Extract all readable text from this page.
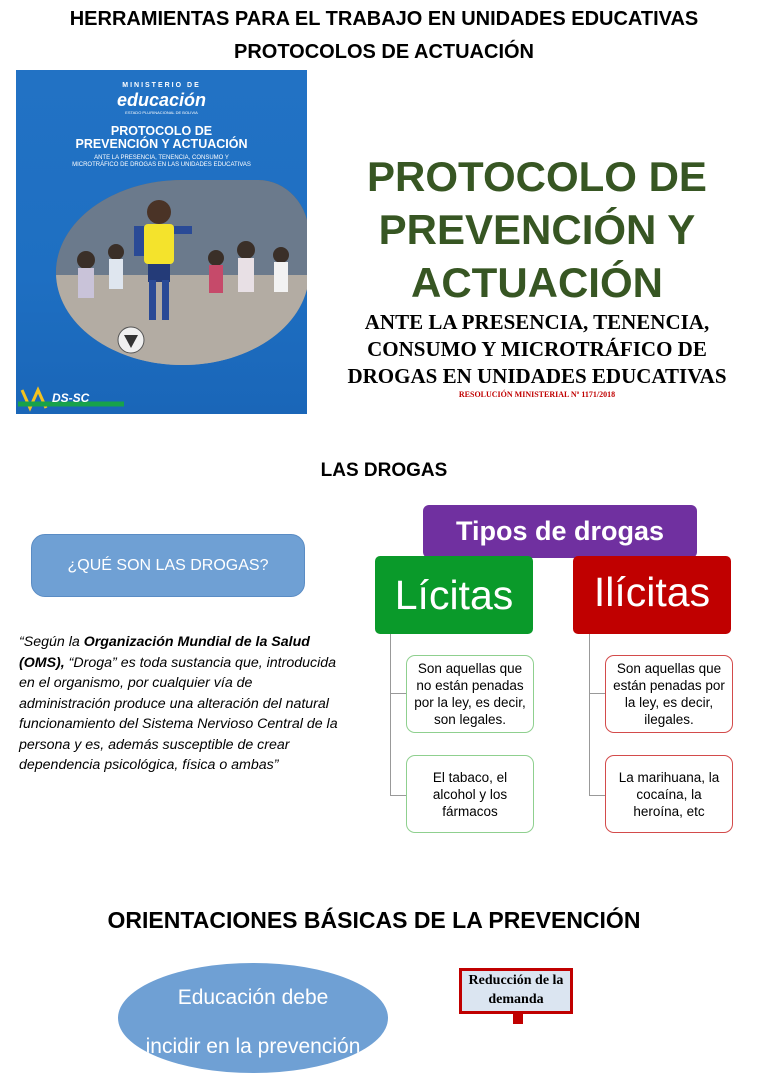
HERRAMIENTAS PARA EL TRABAJO EN UNIDADES EDUCATIVAS
PROTOCOLOS DE ACTUACIÓN
MINISTERIO DE
educación
ESTADO PLURINACIONAL DE BOLIVIA
PROTOCOLO DE
PREVENCIÓN Y ACTUACIÓN
ANTE LA PRESENCIA, TENENCIA, CONSUMO Y
MICROTRÁFICO DE DROGAS EN LAS UNIDADES EDUCATIVAS
DS-SC
PROTOCOLO DE
PREVENCIÓN Y
ACTUACIÓN
ANTE LA PRESENCIA, TENENCIA,
CONSUMO Y MICROTRÁFICO DE
DROGAS EN UNIDADES EDUCATIVAS
RESOLUCIÓN MINISTERIAL Nº 1171/2018
LAS DROGAS
¿QUÉ SON LAS DROGAS?
“Según la Organización Mundial de la Salud (OMS), “Droga” es toda sustancia que, introducida en el organismo, por cualquier vía de administración produce una alteración del natural funcionamiento del Sistema Nervioso Central de la persona y es, además susceptible de crear dependencia psicológica, física o ambas”
Tipos de drogas
Lícitas Ilícitas
Son aquellas que no están penadas por la ley, es decir, son legales.
El tabaco, el alcohol y los fármacos
Son aquellas que están penadas por la ley, es decir, ilegales.
La marihuana, la cocaína, la heroína, etc
ORIENTACIONES BÁSICAS DE LA PREVENCIÓN
Educación debe
incidir en la prevención
Reducción de la
demanda
